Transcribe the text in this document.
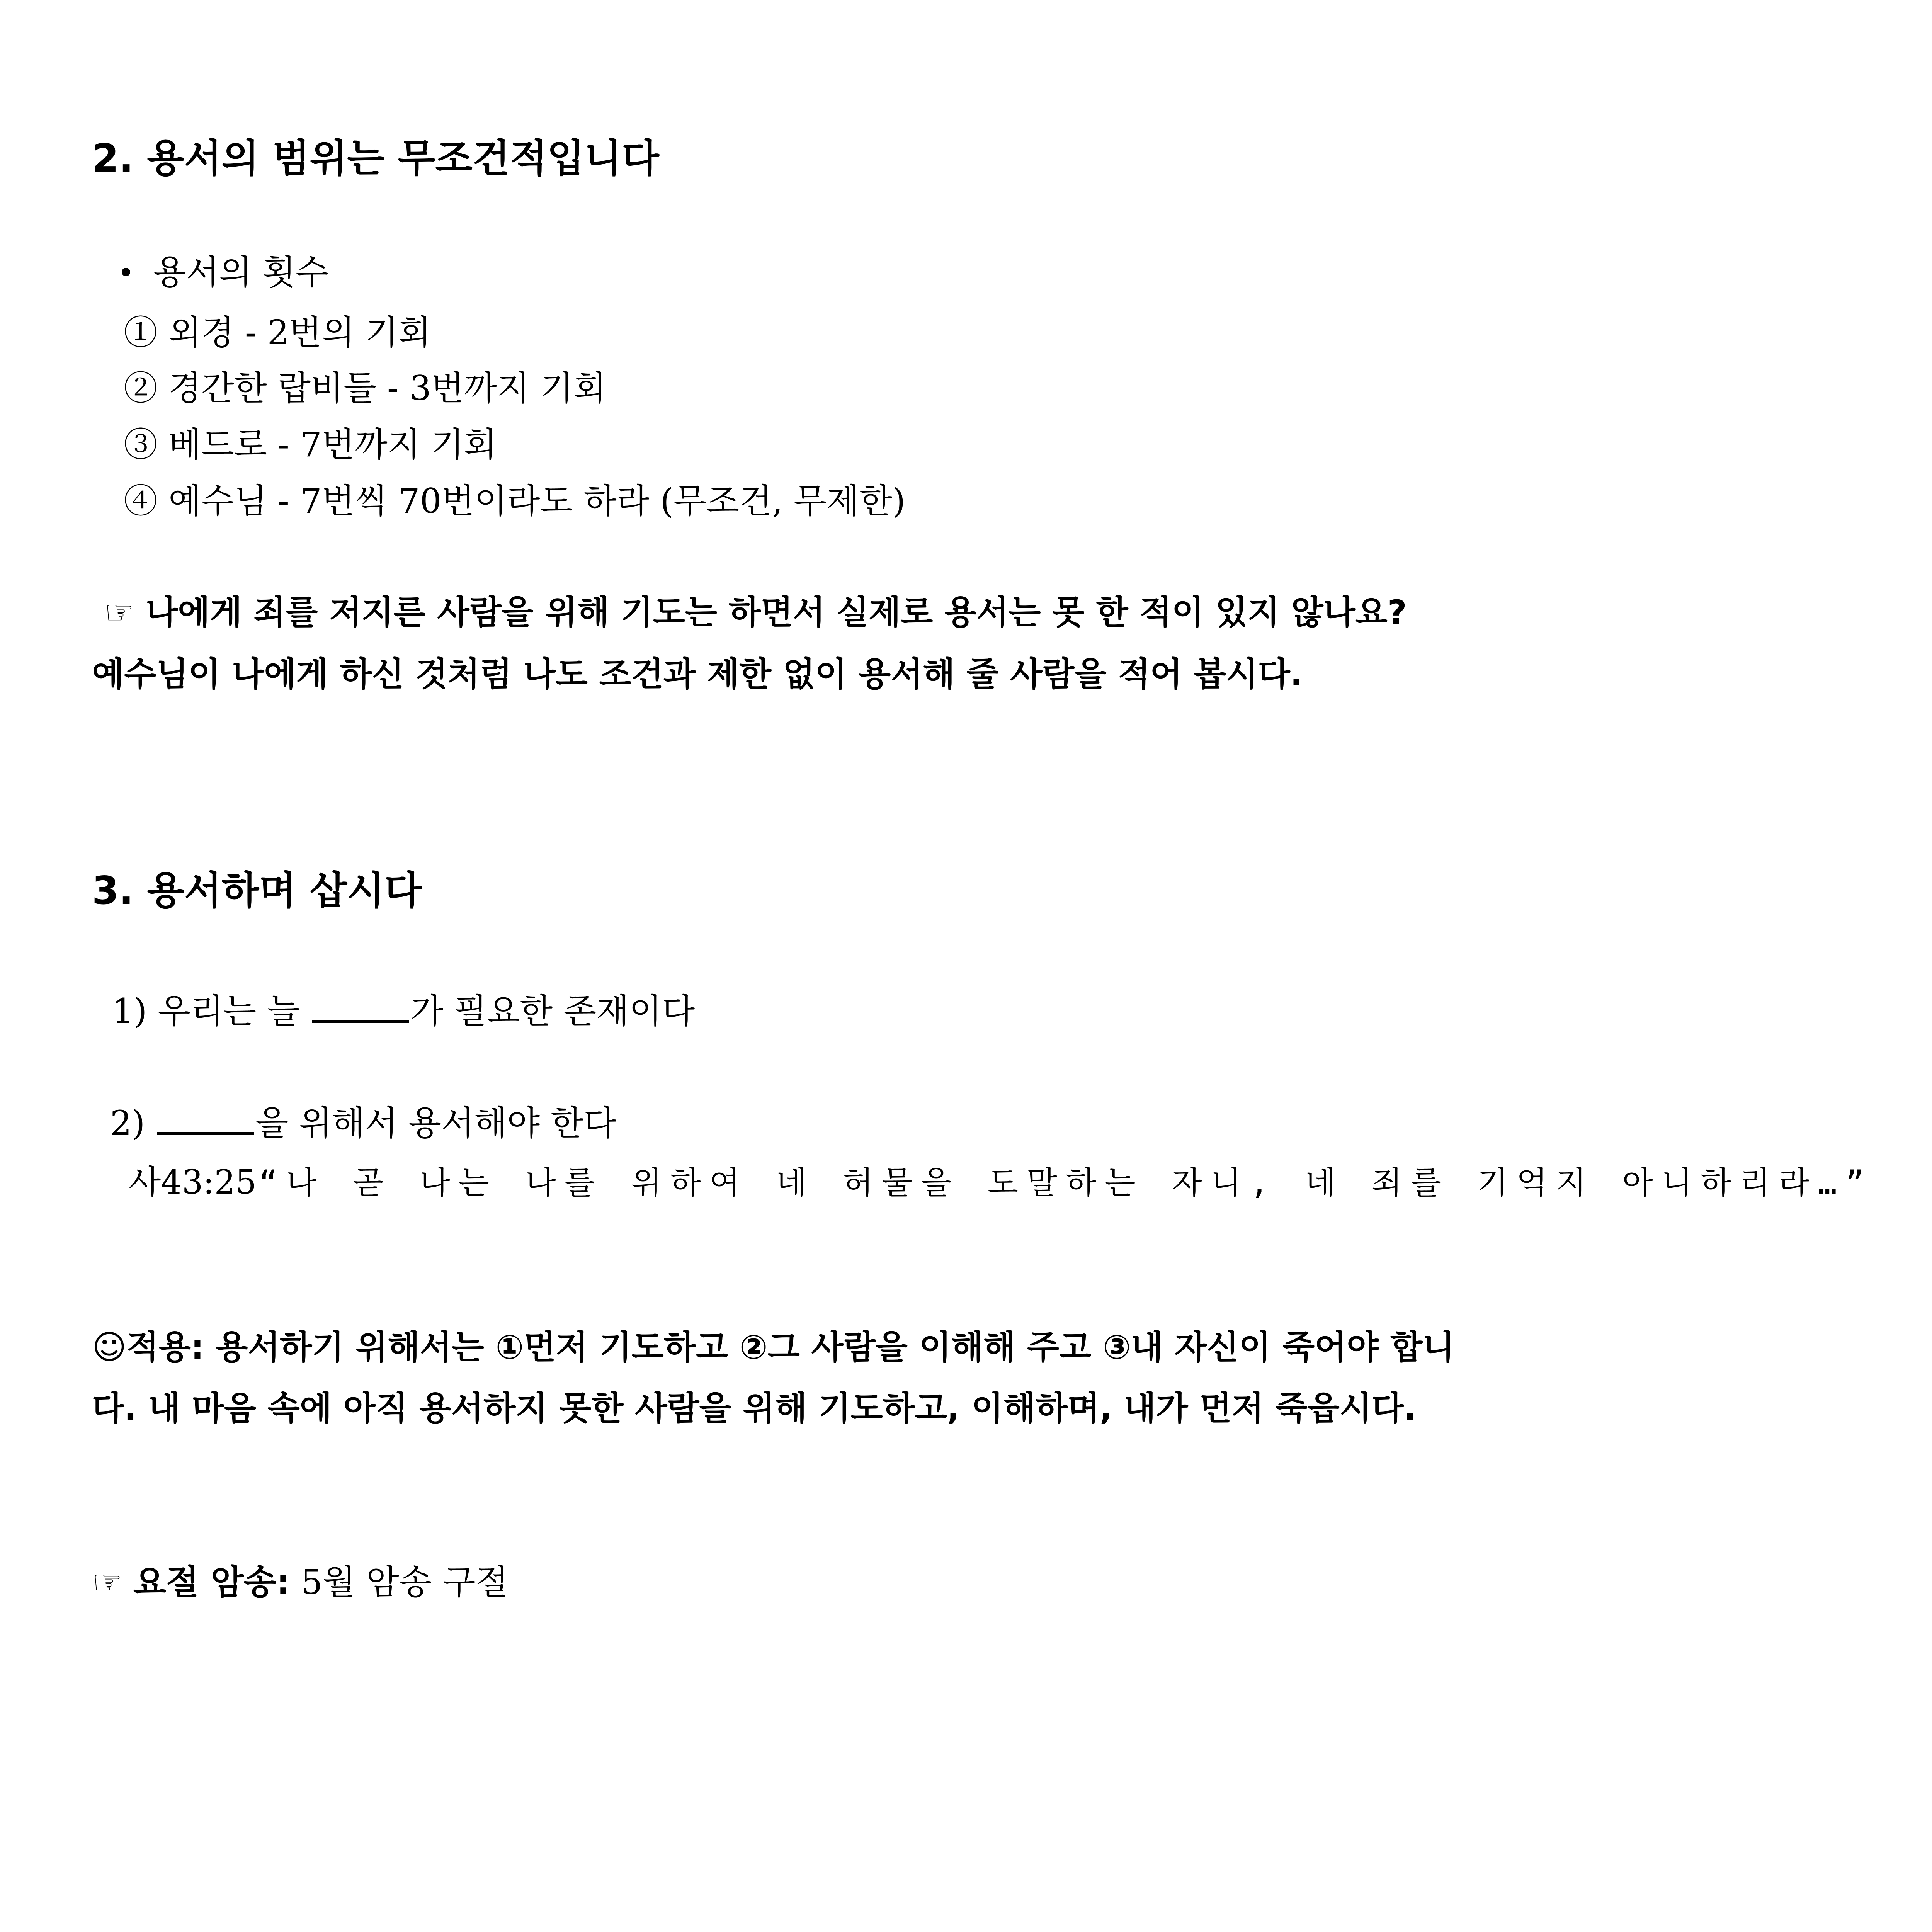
2. 용서의 범위는 무조건적입니다
용서의 횟수
① 외경 - 2번의 기회
② 경간한 랍비들 - 3번까지 기회
③ 베드로 - 7번까지 기회
④ 예수님 - 7번씩 70번이라도 하라 (무조건, 무제한)
☞ 나에게 죄를 저지른 사람을 위해 기도는 하면서 실제로 용서는 못 한 적이 있지 않나요?
예수님이 나에게 하신 것처럼 나도 조건과 제한 없이 용서해 줄 사람을 적어 봅시다.
3. 용서하며 삽시다
1) 우리는 늘	가 필요한 존재이다
2)	을 위해서 용서해야 한다
사43:25 “나 곧 나는 나를 위하여 네 허물을 도말하는 자니, 네 죄를 기억지 아니하리라…”
☺적용: 용서하기 위해서는 ①먼저 기도하고 ②그 사람을 이해해 주고 ③내 자신이 죽어야 합니
다. 내 마음 속에 아직 용서하지 못한 사람을 위해 기도하고, 이해하며, 내가 먼저 죽읍시다.
☞ 요절 암송: 5월 암송 구절
